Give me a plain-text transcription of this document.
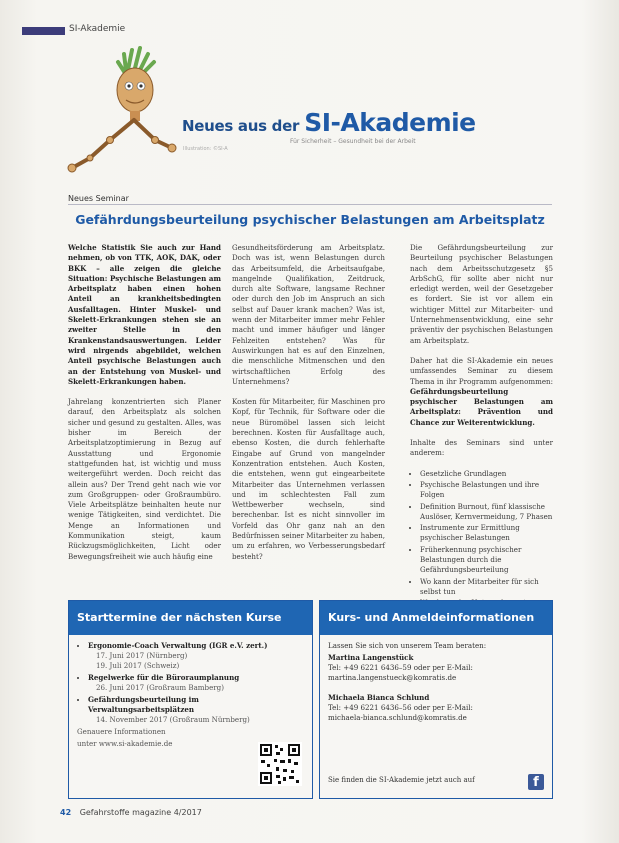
SI-Akademie
Neues aus der SI-Akademie
Für Sicherheit – Gesundheit bei der Arbeit
Illustration: ©SI-A
Neues Seminar
Gefährdungsbeurteilung psychischer Belastungen am Arbeitsplatz

Welche Statistik Sie auch zur Hand nehmen, ob von TTK, AOK, DAK, oder BKK – alle zeigen die gleiche Situation: Psychische Belastungen am Arbeitsplatz haben einen hohen Anteil an krankheitsbedingten Ausfalltagen. Hinter Muskel- und Skelett-Erkrankungen stehen sie an zweiter Stelle in den Krankenstandsauswertungen. Leider wird nirgends abgebildet, welchen Anteil psychische Belastungen auch an der Entstehung von Muskel- und Skelett-Erkrankungen haben.

Jahrelang konzentrierten sich Planer darauf, den Arbeitsplatz als solchen sicher und gesund zu gestalten. Alles, was bisher im Bereich der Arbeitsplatzoptimierung in Bezug auf Ausstattung und Ergonomie stattgefunden hat, ist wichtig und muss weitergeführt werden. Doch reicht das allein aus? Der Trend geht nach wie vor zum Großgruppen- oder Großraumbüro. Viele Arbeitsplätze beinhalten heute nur wenige Tätigkeiten, sind verdichtet. Die Menge an Informationen und Kommunikation steigt, kaum Rückzugsmöglichkeiten, Licht oder Bewegungsfreiheit wie auch häufig eine

Gesundheitsförderung am Arbeitsplatz. Doch was ist, wenn Belastungen durch das Arbeitsumfeld, die Arbeitsaufgabe, mangelnde Qualifikation, Zeitdruck, durch alte Software, langsame Rechner oder durch den Job im Anspruch an sich selbst auf Dauer krank machen? Was ist, wenn der Mitarbeiter immer mehr Fehler macht und immer häufiger und länger Fehlzeiten entstehen? Was für Auswirkungen hat es auf den Einzelnen, die menschliche Mitmenschen und den wirtschaftlichen Erfolg des Unternehmens?

Kosten für Mitarbeiter, für Maschinen pro Kopf, für Technik, für Software oder die neue Büromöbel lassen sich leicht berechnen. Kosten für Ausfalltage auch, ebenso Kosten, die durch fehlerhafte Eingabe auf Grund von mangelnder Konzentration entstehen. Auch Kosten, die entstehen, wenn gut eingearbeitete Mitarbeiter das Unternehmen verlassen und im schlechtesten Fall zum Wettbewerber wechseln, sind berechenbar. Ist es nicht sinnvoller im Vorfeld das Ohr ganz nah an den Bedürfnissen seiner Mitarbeiter zu haben, um zu erfahren, wo Verbesserungsbedarf besteht?

Die Gefährdungsbeurteilung zur Beurteilung psychischer Belastungen nach dem Arbeitsschutzgesetz §5 ArbSchG, für sollte aber nicht nur erledigt werden, weil der Gesetzgeber es fordert. Sie ist vor allem ein wichtiger Mittel zur Mitarbeiter- und Unternehmensentwicklung, eine sehr präventiv der psychischen Belastungen am Arbeitsplatz.

Daher hat die SI-Akademie ein neues umfassendes Seminar zu diesem Thema in ihr Programm aufgenommen: Gefährdungsbeurteilung psychischer Belastungen am Arbeitsplatz: Prävention und Chance zur Weiterentwicklung.

Inhalte des Seminars sind unter anderem:

• Gesetzliche Grundlagen
• Psychische Belastungen und ihre Folgen
• Definition Burnout, fünf klassische Auslöser, Kernvermeidung, 7 Phasen
• Instrumente zur Ermittlung psychischer Belastungen
• Früherkennung psychischer Belastungen durch die Gefährdungsbeurteilung
• Wo kann der Mitarbeiter für sich selbst tun
•
Starttermine der nächsten Kurse
• Ergonomie-Coach Verwaltung (IGR e.V. zert.)
17. Juni 2017 (Nürnberg)
19. Juli 2017 (Schweiz)
• Regelwerke für die Büroraumplanung
26. Juni 2017 (Großraum Bamberg)
• Gefährdungsbeurteilung im Verwaltungsarbeitsplätzen
14. November 2017 (Großraum Nürnberg)
Genauere Informationen
unter www.si-akademie.de
Kurs- und Anmeldeinformationen
Lassen Sie sich von unserem Team beraten:
Martina Langenstück
Tel: +49 6221 6436–59 oder per E-Mail:
martina.langenstueck@komratis.de
Michaela Bianca Schlund
Tel: +49 6221 6436–56 oder per E-Mail:
michaela-bianca.schlund@komratis.de
Sie finden die SI-Akademie jetzt auch auf	f
42 Gefahrstoffe magazine 4/2017
